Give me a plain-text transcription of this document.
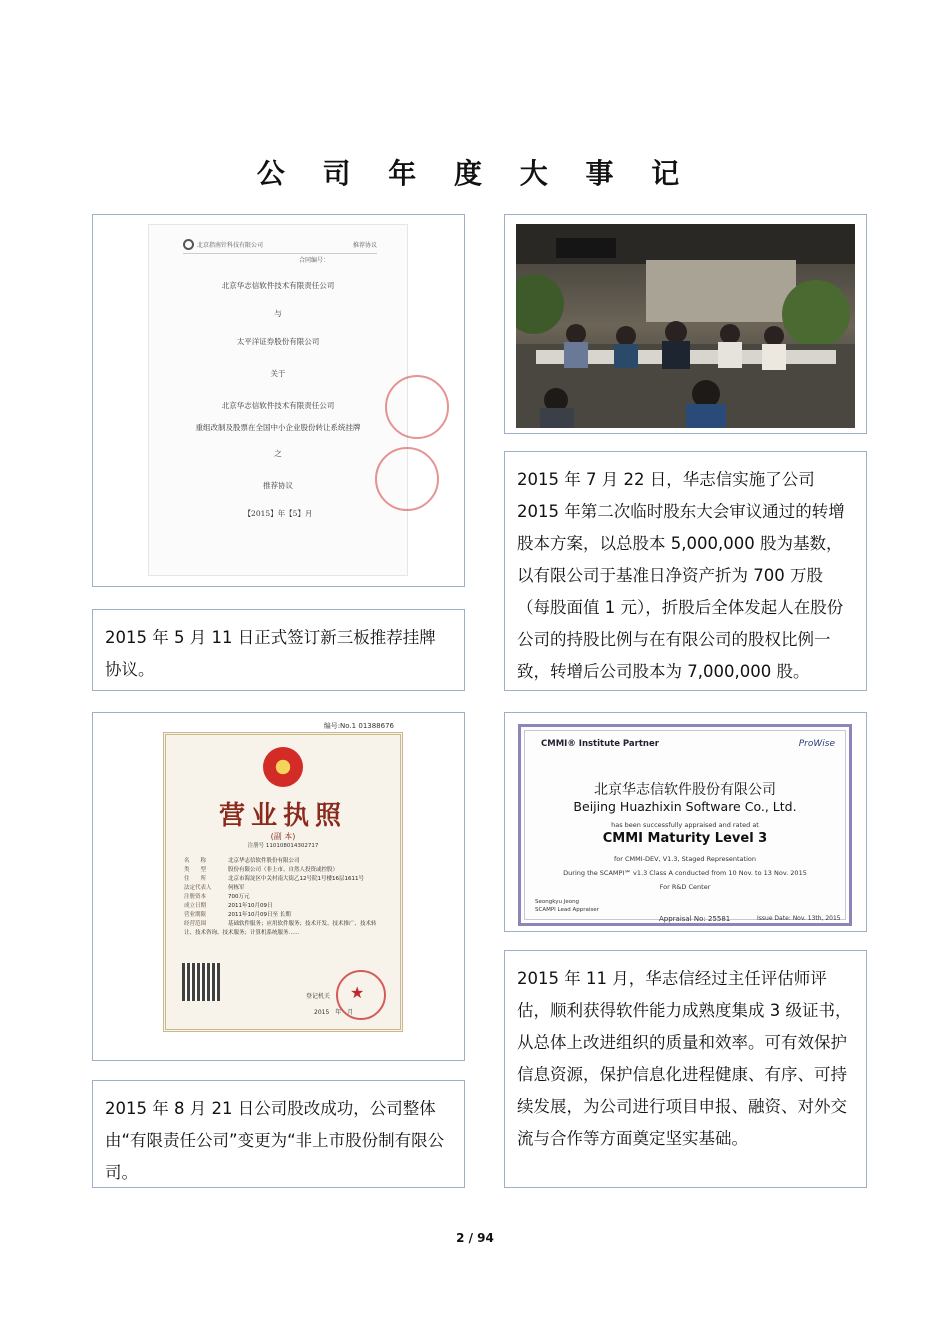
公 司 年 度 大 事 记
北京指南针科技有限公司	推荐协议
合同编号：
北京华志信软件技术有限责任公司
与
太平洋证券股份有限公司
关于
北京华志信软件技术有限责任公司
重组改制及股票在全国中小企业股份转让系统挂牌
之
推荐协议
【2015】年【5】月
2015 年 5 月 11 日正式签订新三板推荐挂牌协议。
2015 年 7 月 22 日，华志信实施了公司 2015 年第二次临时股东大会审议通过的转增股本方案，以总股本 5,000,000 股为基数，以有限公司于基准日净资产折为 700 万股（每股面值 1 元），折股后全体发起人在股份公司的持股比例与在有限公司的股权比例一致，转增后公司股本为 7,000,000 股。
编号:No.1 01388676
营业执照
(副 本)
注册号 110108014302717
名　　称	北京华志信软件股份有限公司
类　　型	股份有限公司（非上市、自然人投资或控股）
住　　所	北京市海淀区中关村南大街乙12号院1号楼16层1611号
法定代表人	何栋军
注册资本	700万元
成立日期	2011年10月09日
营业期限	2011年10月09日至 长期
经营范围	基础软件服务；应用软件服务；技术开发、技术推广、技术转让、技术咨询、技术服务；计算机系统服务……
登记机关
2015　年　月
★
2015 年 8 月 21 日公司股改成功，公司整体由“有限责任公司”变更为“非上市股份制有限公司。
CMMI® Institute Partner	ProWise
北京华志信软件股份有限公司
Beijing Huazhixin Software Co., Ltd.
has been successfully appraised and rated at
CMMI Maturity Level 3
for CMMI-DEV, V1.3, Staged Representation
During the SCAMPI℠ v1.3 Class A conducted from 10 Nov. to 13 Nov. 2015
For R&D Center
Seongkyu Jeong
SCAMPI Lead Appraiser
Appraisal No: 25581	Issue Date: Nov. 13th, 2015
2015 年 11 月，华志信经过主任评估师评估，顺利获得软件能力成熟度集成 3 级证书，从总体上改进组织的质量和效率。可有效保护信息资源，保护信息化进程健康、有序、可持续发展，为公司进行项目申报、融资、对外交流与合作等方面奠定坚实基础。
2 / 94
